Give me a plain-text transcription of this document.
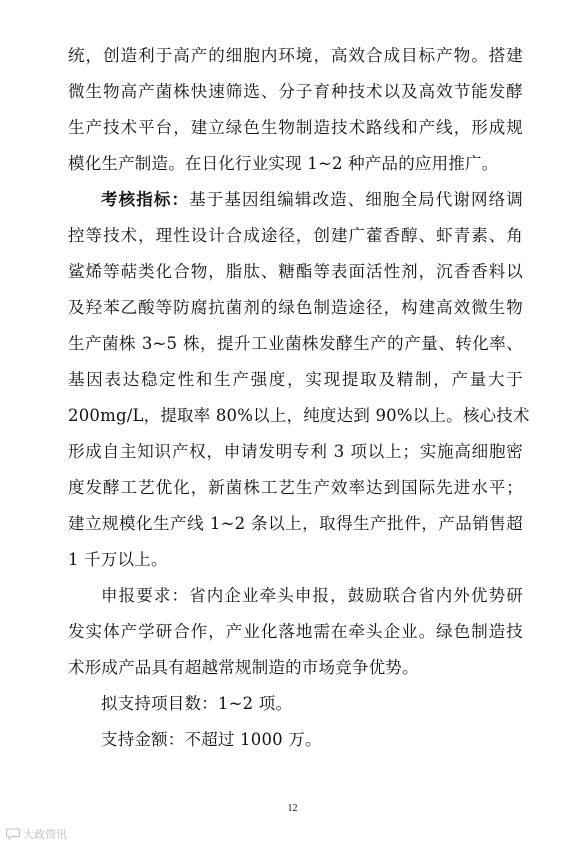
统，创造利于高产的细胞内环境，高效合成目标产物。搭建
微生物高产菌株快速筛选、分子育种技术以及高效节能发酵
生产技术平台，建立绿色生物制造技术路线和产线，形成规
模化生产制造。在日化行业实现 1~2 种产品的应用推广。
考核指标：基于基因组编辑改造、细胞全局代谢网络调
控等技术，理性设计合成途径，创建广藿香醇、虾青素、角
鲨烯等萜类化合物，脂肽、糖酯等表面活性剂，沉香香料以
及羟苯乙酸等防腐抗菌剂的绿色制造途径，构建高效微生物
生产菌株 3~5 株，提升工业菌株发酵生产的产量、转化率、
基因表达稳定性和生产强度，实现提取及精制，产量大于
200mg/L，提取率 80%以上，纯度达到 90%以上。核心技术
形成自主知识产权，申请发明专利 3 项以上；实施高细胞密
度发酵工艺优化，新菌株工艺生产效率达到国际先进水平；
建立规模化生产线 1~2 条以上，取得生产批件，产品销售超
1 千万以上。
申报要求：省内企业牵头申报，鼓励联合省内外优势研
发实体产学研合作，产业化落地需在牵头企业。绿色制造技
术形成产品具有超越常规制造的市场竞争优势。
拟支持项目数：1~2 项。
支持金额：不超过 1000 万。
12
大政资讯
